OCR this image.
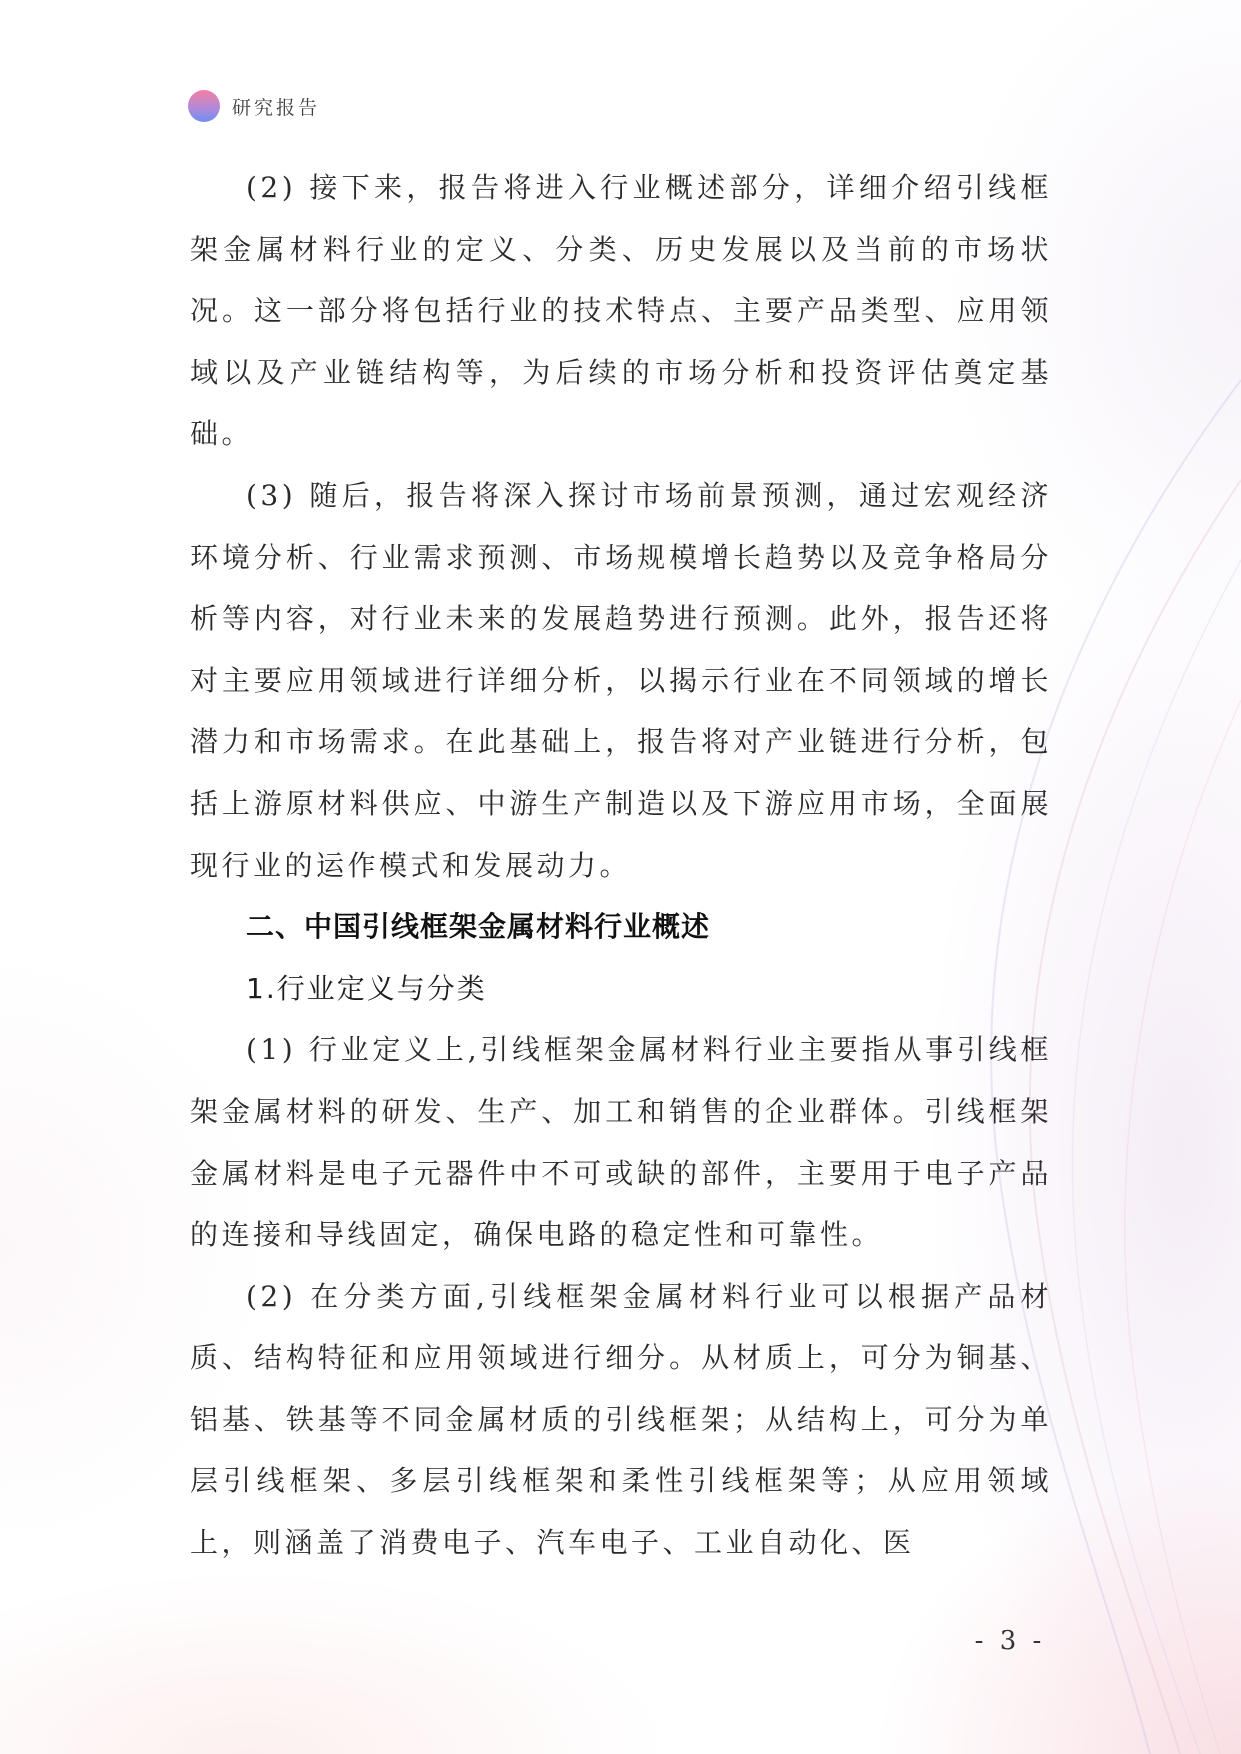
研究报告

(2) 接下来，报告将进入行业概述部分，详细介绍引线框架金属材料行业的定义、分类、历史发展以及当前的市场状况。这一部分将包括行业的技术特点、主要产品类型、应用领域以及产业链结构等，为后续的市场分析和投资评估奠定基础。

(3) 随后，报告将深入探讨市场前景预测，通过宏观经济环境分析、行业需求预测、市场规模增长趋势以及竞争格局分析等内容，对行业未来的发展趋势进行预测。此外，报告还将对主要应用领域进行详细分析，以揭示行业在不同领域的增长潜力和市场需求。在此基础上，报告将对产业链进行分析，包括上游原材料供应、中游生产制造以及下游应用市场，全面展现行业的运作模式和发展动力。

二、中国引线框架金属材料行业概述

1.行业定义与分类

(1) 行业定义上,引线框架金属材料行业主要指从事引线框架金属材料的研发、生产、加工和销售的企业群体。引线框架金属材料是电子元器件中不可或缺的部件，主要用于电子产品的连接和导线固定，确保电路的稳定性和可靠性。

(2) 在分类方面,引线框架金属材料行业可以根据产品材质、结构特征和应用领域进行细分。从材质上，可分为铜基、铝基、铁基等不同金属材质的引线框架；从结构上，可分为单层引线框架、多层引线框架和柔性引线框架等；从应用领域上，则涵盖了消费电子、汽车电子、工业自动化、医

- 3 -
